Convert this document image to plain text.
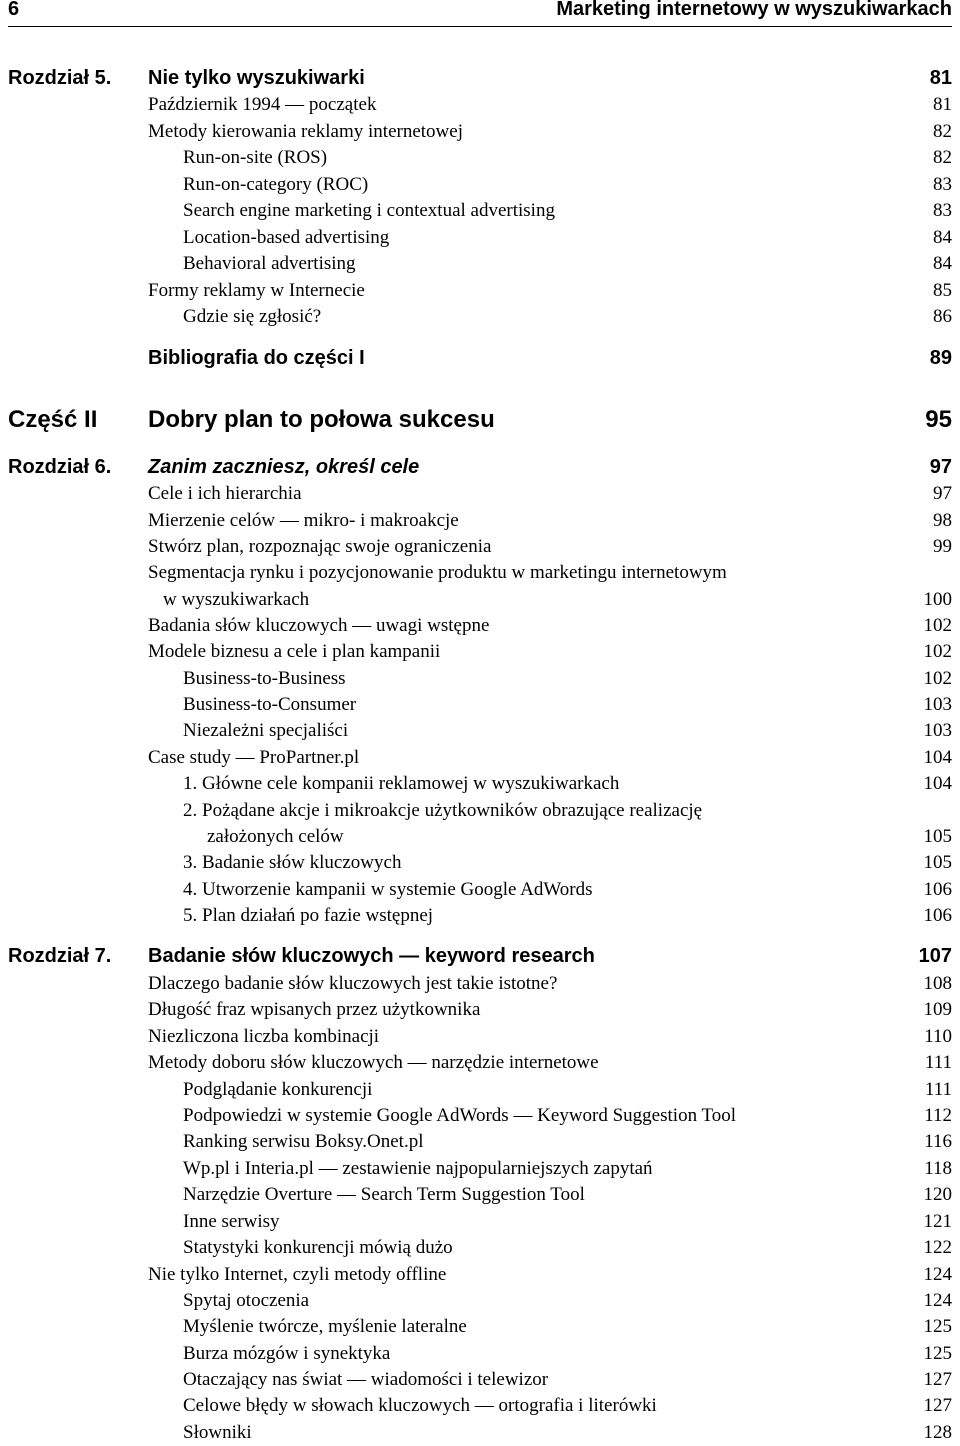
6	Marketing internetowy w wyszukiwarkach
Rozdział 5. Nie tylko wyszukiwarki	81
Październik 1994 — początek	81
Metody kierowania reklamy internetowej	82
Run-on-site (ROS)	82
Run-on-category (ROC)	83
Search engine marketing i contextual advertising	83
Location-based advertising	84
Behavioral advertising	84
Formy reklamy w Internecie	85
Gdzie się zgłosić?	86
Bibliografia do części I	89
Część II Dobry plan to połowa sukcesu	95
Rozdział 6. Zanim zaczniesz, określ cele	97
Cele i ich hierarchia	97
Mierzenie celów — mikro- i makroakcje	98
Stwórz plan, rozpoznając swoje ograniczenia	99
Segmentacja rynku i pozycjonowanie produktu w marketingu internetowym
w wyszukiwarkach	100
Badania słów kluczowych — uwagi wstępne	102
Modele biznesu a cele i plan kampanii	102
Business-to-Business	102
Business-to-Consumer	103
Niezależni specjaliści	103
Case study — ProPartner.pl	104
1. Główne cele kompanii reklamowej w wyszukiwarkach	104
2. Pożądane akcje i mikroakcje użytkowników obrazujące realizację
założonych celów	105
3. Badanie słów kluczowych	105
4. Utworzenie kampanii w systemie Google AdWords	106
5. Plan działań po fazie wstępnej	106
Rozdział 7. Badanie słów kluczowych — keyword research	107
Dlaczego badanie słów kluczowych jest takie istotne?	108
Długość fraz wpisanych przez użytkownika	109
Niezliczona liczba kombinacji	110
Metody doboru słów kluczowych — narzędzie internetowe	111
Podglądanie konkurencji	111
Podpowiedzi w systemie Google AdWords — Keyword Suggestion Tool	112
Ranking serwisu Boksy.Onet.pl	116
Wp.pl i Interia.pl — zestawienie najpopularniejszych zapytań	118
Narzędzie Overture — Search Term Suggestion Tool	120
Inne serwisy	121
Statystyki konkurencji mówią dużo	122
Nie tylko Internet, czyli metody offline	124
Spytaj otoczenia	124
Myślenie twórcze, myślenie lateralne	125
Burza mózgów i synektyka	125
Otaczający nas świat — wiadomości i telewizor	127
Celowe błędy w słowach kluczowych — ortografia i literówki	127
Słowniki	128
